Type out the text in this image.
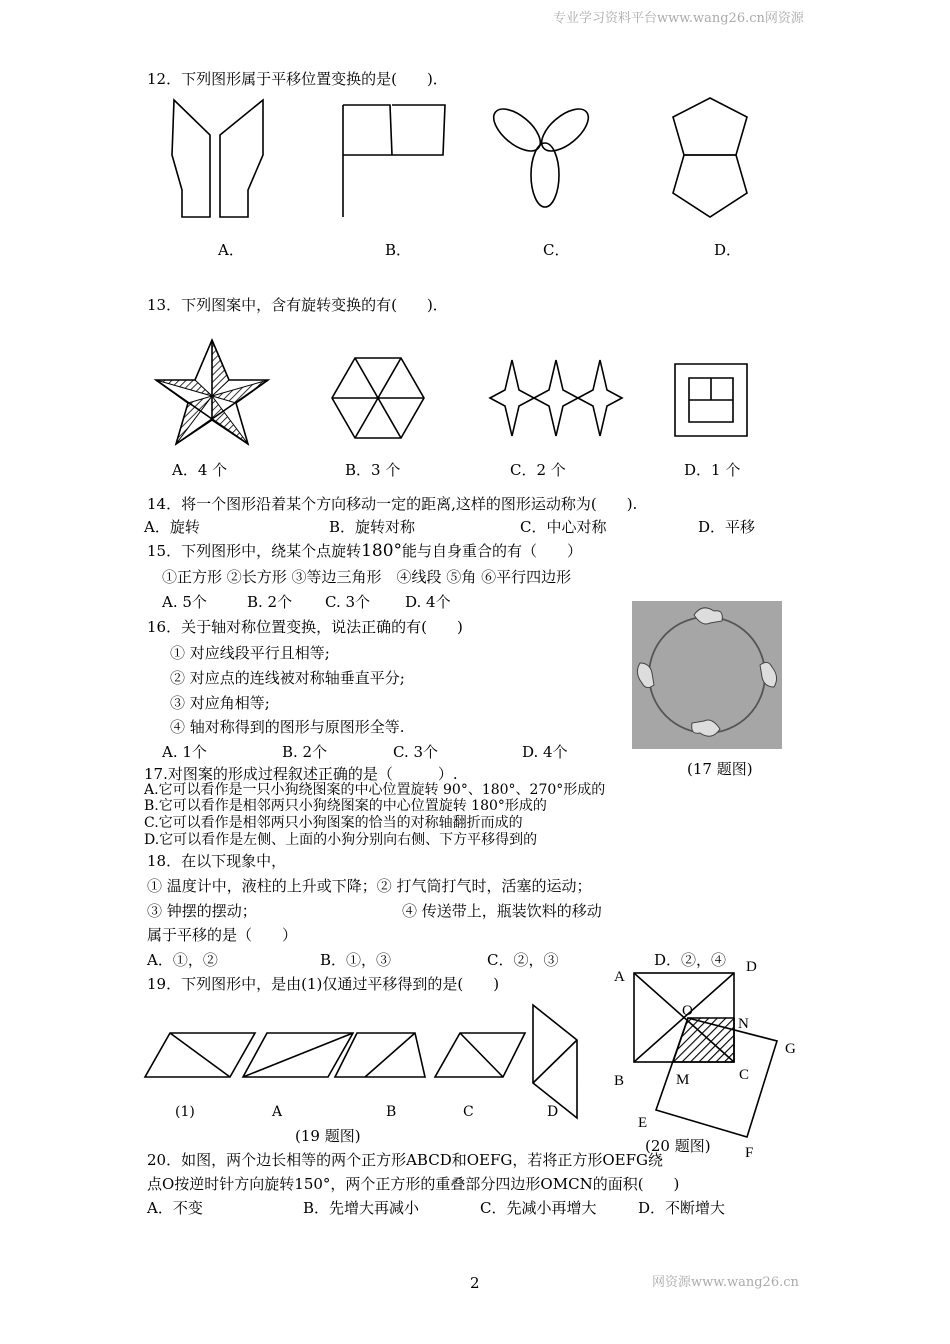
专业学习资料平台www.wang26.cn网资源
2	网资源www.wang26.cn
12．下列图形属于平移位置变换的是(　　)．
A．	B．	C．	D．
13．下列图案中，含有旋转变换的有(　　)．
A．4 个	B．3 个	C．2 个	D．1 个
14．将一个图形沿着某个方向移动一定的距离,这样的图形运动称为(　　).
A．旋转	B．旋转对称	C．中心对称	D．平移
15．下列图形中，绕某个点旋转180°能与自身重合的有（　　）
①正方形 ②长方形 ③等边三角形　④线段 ⑤角 ⑥平行四边形
A. 5个	B. 2个 C. 3个 D. 4个
16．关于轴对称位置变换，说法正确的有(　　)
① 对应线段平行且相等;
② 对应点的连线被对称轴垂直平分;
③ 对应角相等;
④ 轴对称得到的图形与原图形全等.
A. 1个	B. 2个	C. 3个	D. 4个
(17 题图)
17.对图案的形成过程叙述正确的是（　　　）.
A.它可以看作是一只小狗绕图案的中心位置旋转 90°、180°、270°形成的
B.它可以看作是相邻两只小狗绕图案的中心位置旋转 180°形成的
C.它可以看作是相邻两只小狗图案的恰当的对称轴翻折而成的
D.它可以看作是左侧、上面的小狗分别向右侧、下方平移得到的
18．在以下现象中，
① 温度计中，液柱的上升或下降；② 打气筒打气时，活塞的运动；
③ 钟摆的摆动；	④ 传送带上，瓶装饮料的移动
属于平移的是（　　）
A．①，②	B．①，③	C．②，③	D．②，④
19．下列图形中，是由(1)仅通过平移得到的是(　　)
(1)	A	B	C	D
(19 题图)
A
D
O
N
G
B	M	C
E
F
(20 题图)
20．如图，两个边长相等的两个正方形ABCD和OEFG，若将正方形OEFG绕
点O按逆时针方向旋转150°，两个正方形的重叠部分四边形OMCN的面积(　　)
A．不变	B．先增大再减小	C．先减小再增大	D．不断增大
